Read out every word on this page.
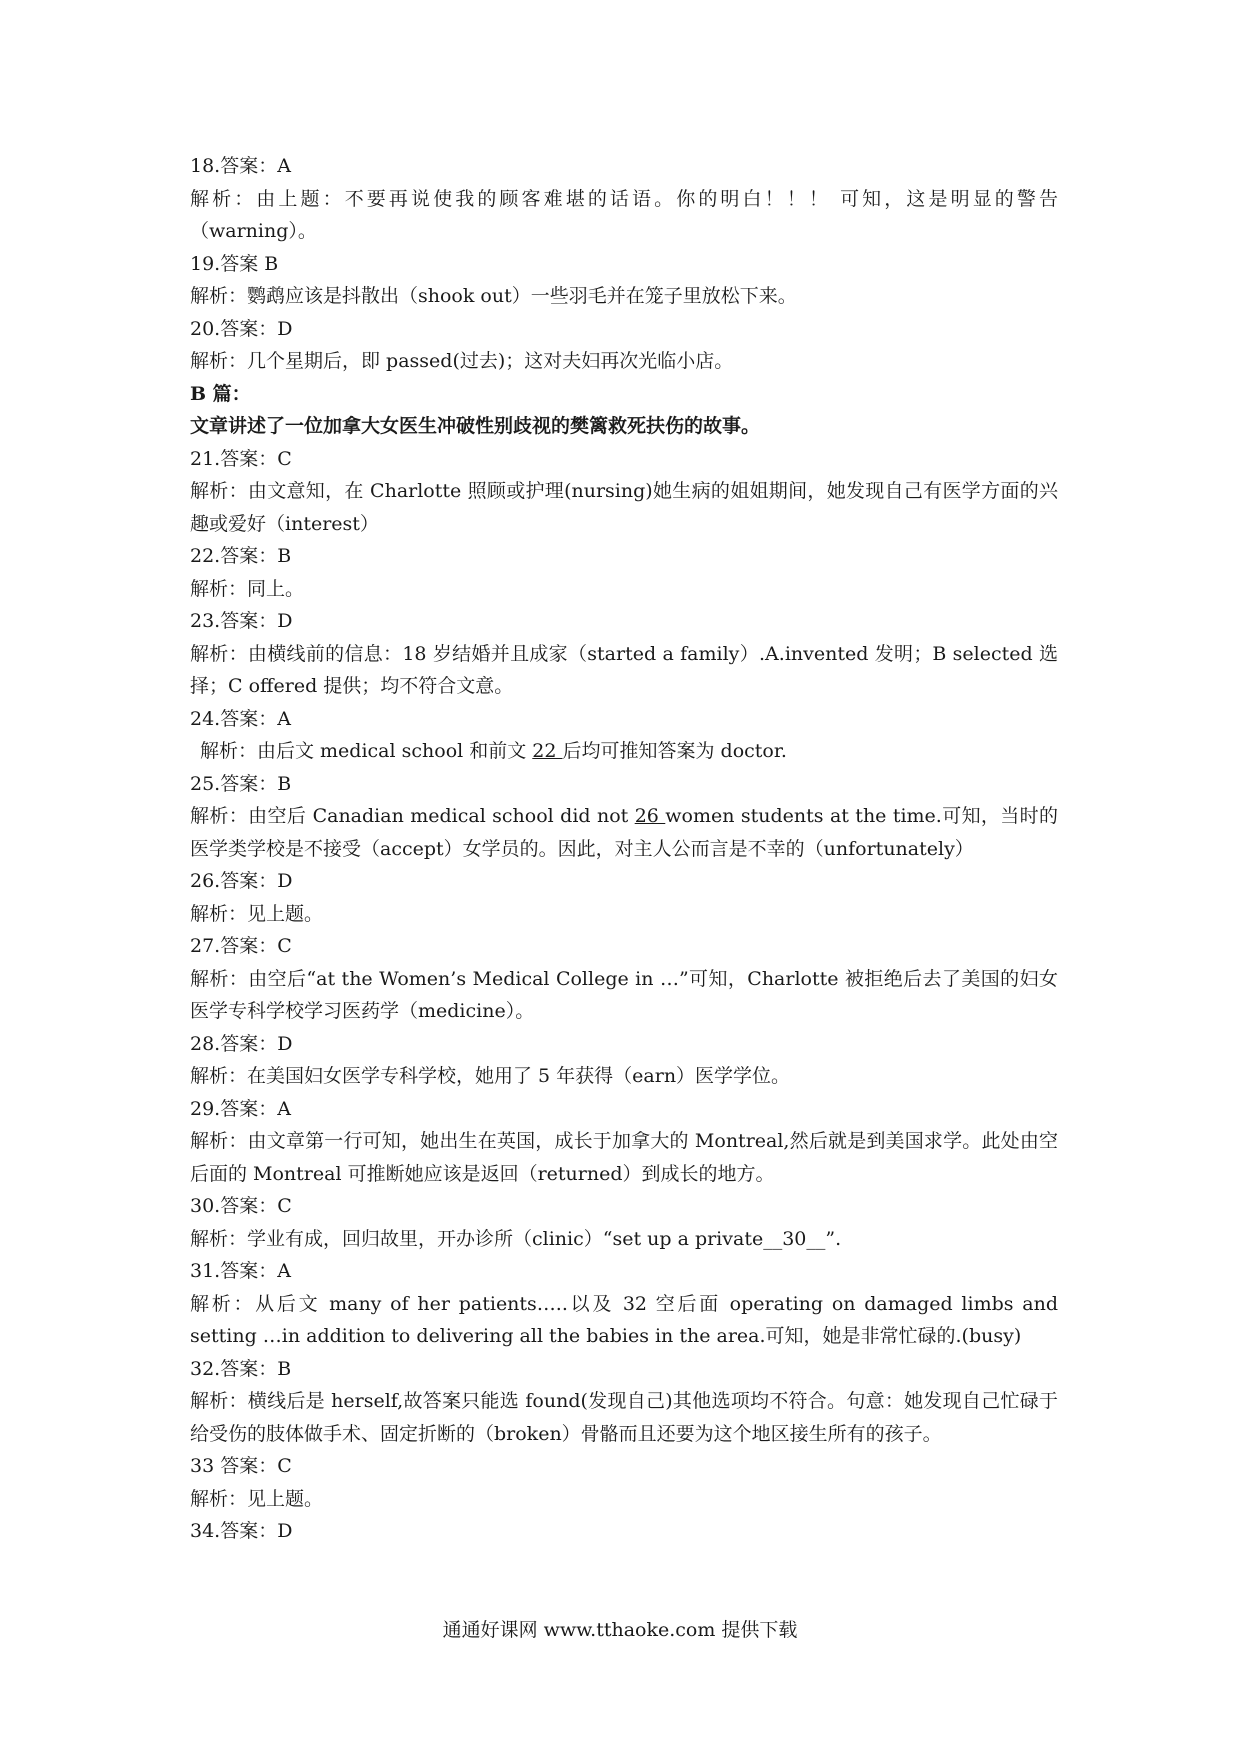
18.答案：A
解析：由上题：不要再说使我的顾客难堪的话语。你的明白！！！ 可知，这是明显的警告（warning）。
19.答案 B
解析：鹦鹉应该是抖散出（shook out）一些羽毛并在笼子里放松下来。
20.答案：D
解析：几个星期后，即 passed(过去)；这对夫妇再次光临小店。
B 篇：
文章讲述了一位加拿大女医生冲破性别歧视的樊篱救死扶伤的故事。
21.答案：C
解析：由文意知，在 Charlotte 照顾或护理(nursing)她生病的姐姐期间，她发现自己有医学方面的兴趣或爱好（interest）
22.答案：B
解析：同上。
23.答案：D
解析：由横线前的信息：18 岁结婚并且成家（started a family）.A.invented 发明；B selected 选择；C offered 提供；均不符合文意。
24.答案：A
解析：由后文 medical school 和前文 22 后均可推知答案为 doctor.
25.答案：B
解析：由空后 Canadian medical school did not 26 women students at the time.可知，当时的医学类学校是不接受（accept）女学员的。因此，对主人公而言是不幸的（unfortunately）
26.答案：D
解析：见上题。
27.答案：C
解析：由空后“at the Women’s Medical College in …”可知，Charlotte 被拒绝后去了美国的妇女医学专科学校学习医药学（medicine）。
28.答案：D
解析：在美国妇女医学专科学校，她用了 5 年获得（earn）医学学位。
29.答案：A
解析：由文章第一行可知，她出生在英国，成长于加拿大的 Montreal,然后就是到美国求学。此处由空后面的 Montreal 可推断她应该是返回（returned）到成长的地方。
30.答案：C
解析：学业有成，回归故里，开办诊所（clinic）“set up a private__30__”.
31.答案：A
解析：从后文 many of her patients…..以及 32 空后面 operating on damaged limbs and setting …in addition to delivering all the babies in the area.可知，她是非常忙碌的.(busy)
32.答案：B
解析：横线后是 herself,故答案只能选 found(发现自己)其他选项均不符合。句意：她发现自己忙碌于给受伤的肢体做手术、固定折断的（broken）骨骼而且还要为这个地区接生所有的孩子。
33 答案：C
解析：见上题。
34.答案：D
通通好课网 www.tthaoke.com 提供下载
